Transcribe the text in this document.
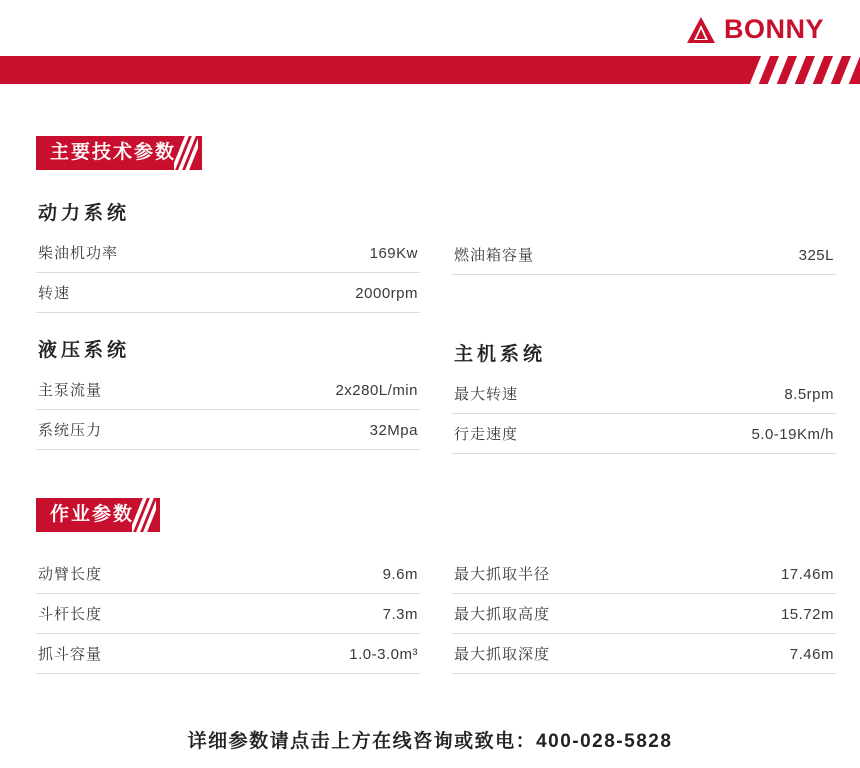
BONNY
主要技术参数
动力系统
柴油机功率	169Kw
转速	2000rpm
液压系统
主泵流量	2x280L/min
系统压力	32Mpa
燃油箱容量	325L
主机系统
最大转速	8.5rpm
行走速度	5.0-19Km/h
作业参数
动臂长度	9.6m
斗杆长度	7.3m
抓斗容量	1.0-3.0m³
最大抓取半径	17.46m
最大抓取高度	15.72m
最大抓取深度	7.46m
详细参数请点击上方在线咨询或致电：400-028-5828
